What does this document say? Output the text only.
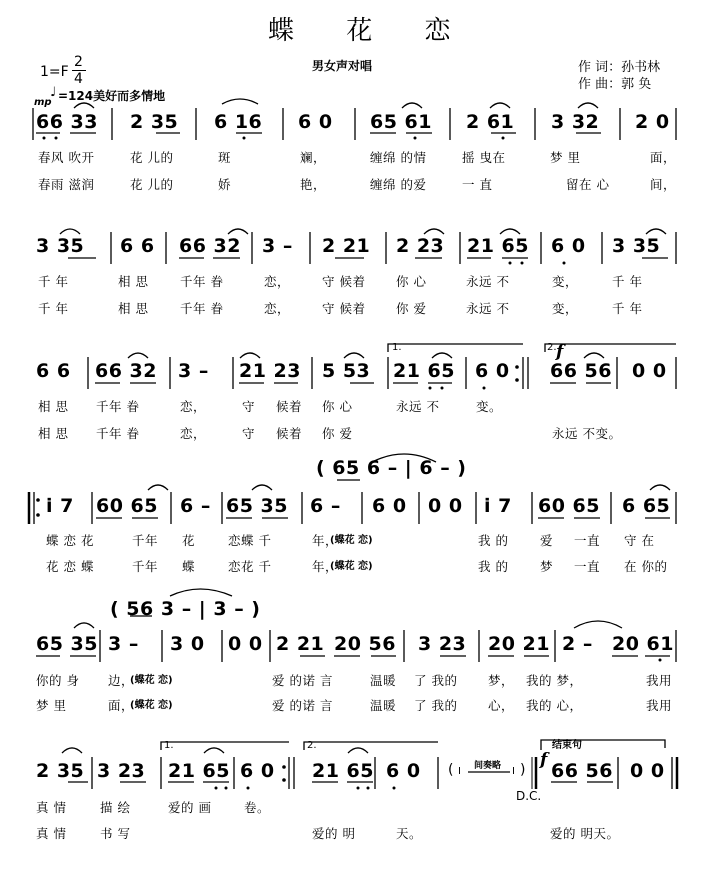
蝶 花 恋
男女声对唱	作 词：孙书林
作 曲：郭 奂
1=F
2
4
mp
♩ =124美好而多情地
66 33 2 35 6 16 6 0 65 61 2 61 3 32 2 0
春风 吹开	花 儿的	斑	斓，	缠绵 的情	摇 曳在	梦 里	面，
春雨 滋润	花 儿的	娇	艳，	缠绵 的爱	一 直	留在 心	间，
3 35 6 6 66 32 3 – 2 21 2 23 21 65 6 0 3 35
千 年	相 思	千年 眷	恋，	守 候着 你 心	永远 不	变，	千 年
千 年	相 思	千年 眷	恋，	守 候着 你 爱	永远 不	变，	千 年
1.	2. f
6 6 66 32 3 – 21 23 5 53 21 65 6 0 66 56 0 0
相 思 千年 眷	恋，	守 候着 你 心	永远 不	变。
相 思 千年 眷	恋，	守 候着 你 爱	永远 不变。
( 65 6 – | 6 – )
i̇ 7 60 65 6 – 65 35 6 – 6 0 0 0 i̇ 7 60 65 6 65
蝶 恋 花	千年 花	恋蝶 千	年，
(蝶花 恋)	我 的	爱 一直 守 在
花 恋 蝶	千年 蝶	恋花 千	年，
(蝶花 恋)	我 的	梦 一直 在 你的
( 56 3 – | 3 – )
65 35 3 – 3 0 0 0 2 21 20 56 3 23 20 21 2 – 20 61
你的 身 边，
(蝶花 恋)	爱 的诺 言	温暖 了 我的 梦， 我的 梦，	我用
梦 里	面，
(蝶花 恋)	爱 的诺 言	温暖 了 我的 心， 我的 心，	我用
1.	2.	结束句
f
2 35 3 23 21 65 6 0 21 65 6 0	66 56 0 0
( I 间奏略 I )
D.C.
真 情	描 绘	爱的 画	卷。
真 情	书 写	爱的 明	天。	爱的 明天。
